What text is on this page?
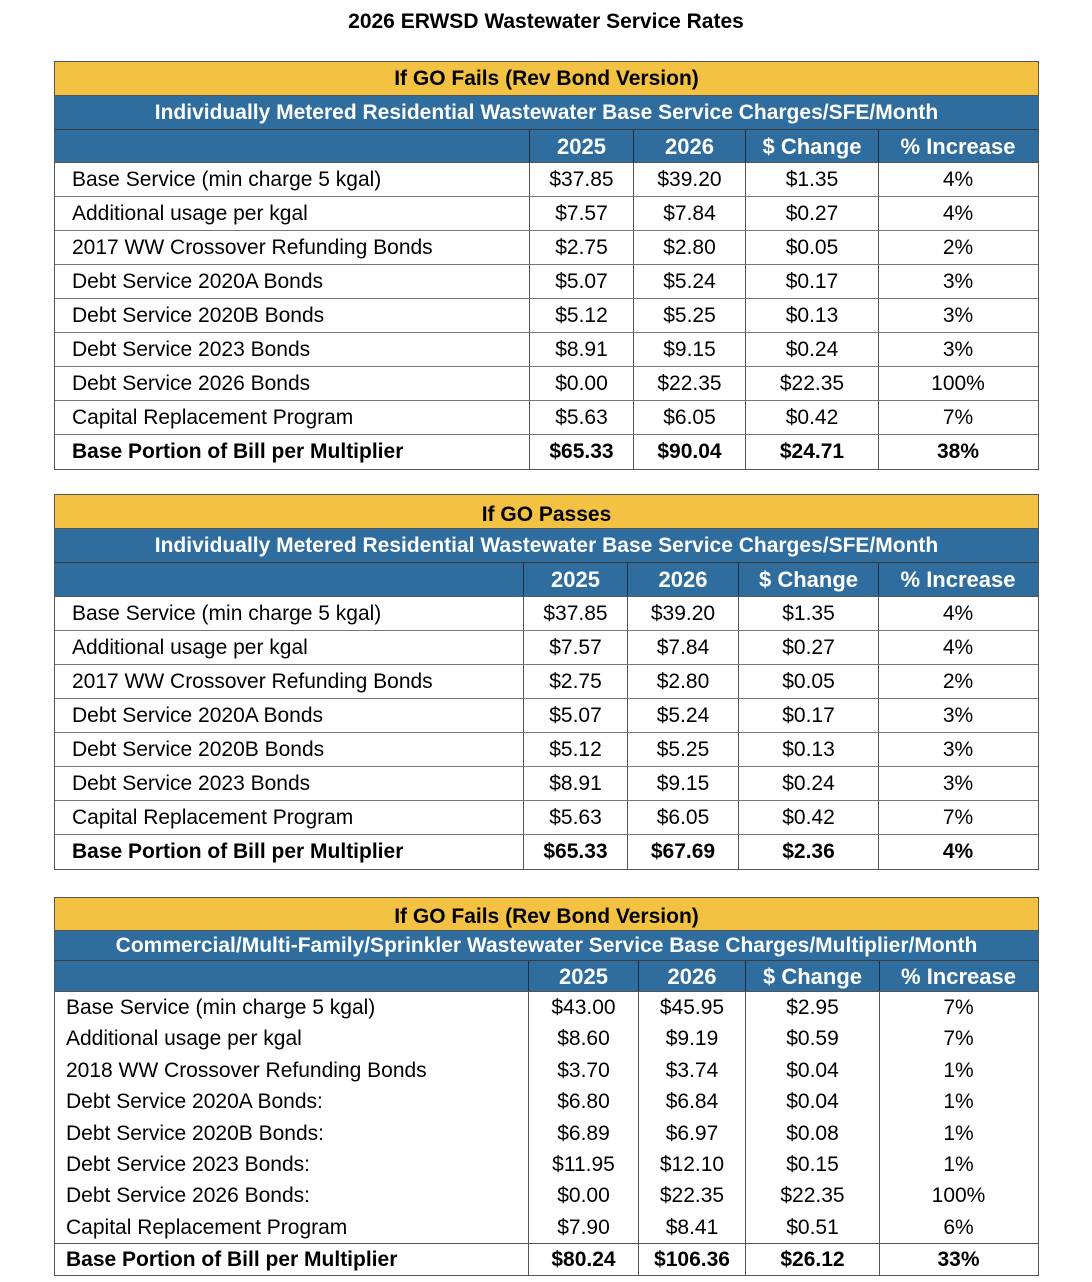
2026 ERWSD Wastewater Service Rates
If GO Fails (Rev Bond Version)
Individually Metered Residential Wastewater Base Service Charges/SFE/Month
2025	2026	$ Change	% Increase
Base Service (min charge 5 kgal)	$37.85	$39.20	$1.35	4%
Additional usage per kgal	$7.57	$7.84	$0.27	4%
2017 WW Crossover Refunding Bonds	$2.75	$2.80	$0.05	2%
Debt Service 2020A Bonds	$5.07	$5.24	$0.17	3%
Debt Service 2020B Bonds	$5.12	$5.25	$0.13	3%
Debt Service 2023 Bonds	$8.91	$9.15	$0.24	3%
Debt Service 2026 Bonds	$0.00	$22.35	$22.35	100%
Capital Replacement Program	$5.63	$6.05	$0.42	7%
Base Portion of Bill per Multiplier	$65.33	$90.04	$24.71	38%
If GO Passes
Individually Metered Residential Wastewater Base Service Charges/SFE/Month
2025	2026	$ Change	% Increase
Base Service (min charge 5 kgal)	$37.85	$39.20	$1.35	4%
Additional usage per kgal	$7.57	$7.84	$0.27	4%
2017 WW Crossover Refunding Bonds	$2.75	$2.80	$0.05	2%
Debt Service 2020A Bonds	$5.07	$5.24	$0.17	3%
Debt Service 2020B Bonds	$5.12	$5.25	$0.13	3%
Debt Service 2023 Bonds	$8.91	$9.15	$0.24	3%
Capital Replacement Program	$5.63	$6.05	$0.42	7%
Base Portion of Bill per Multiplier	$65.33	$67.69	$2.36	4%
If GO Fails (Rev Bond Version)
Commercial/Multi-Family/Sprinkler Wastewater Service Base Charges/Multiplier/Month
2025	2026	$ Change	% Increase
Base Service (min charge 5 kgal)	$43.00	$45.95	$2.95	7%
Additional usage per kgal	$8.60	$9.19	$0.59	7%
2018 WW Crossover Refunding Bonds	$3.70	$3.74	$0.04	1%
Debt Service 2020A Bonds:	$6.80	$6.84	$0.04	1%
Debt Service 2020B Bonds:	$6.89	$6.97	$0.08	1%
Debt Service 2023 Bonds:	$11.95	$12.10	$0.15	1%
Debt Service 2026 Bonds:	$0.00	$22.35	$22.35	100%
Capital Replacement Program	$7.90	$8.41	$0.51	6%
Base Portion of Bill per Multiplier	$80.24	$106.36	$26.12	33%
